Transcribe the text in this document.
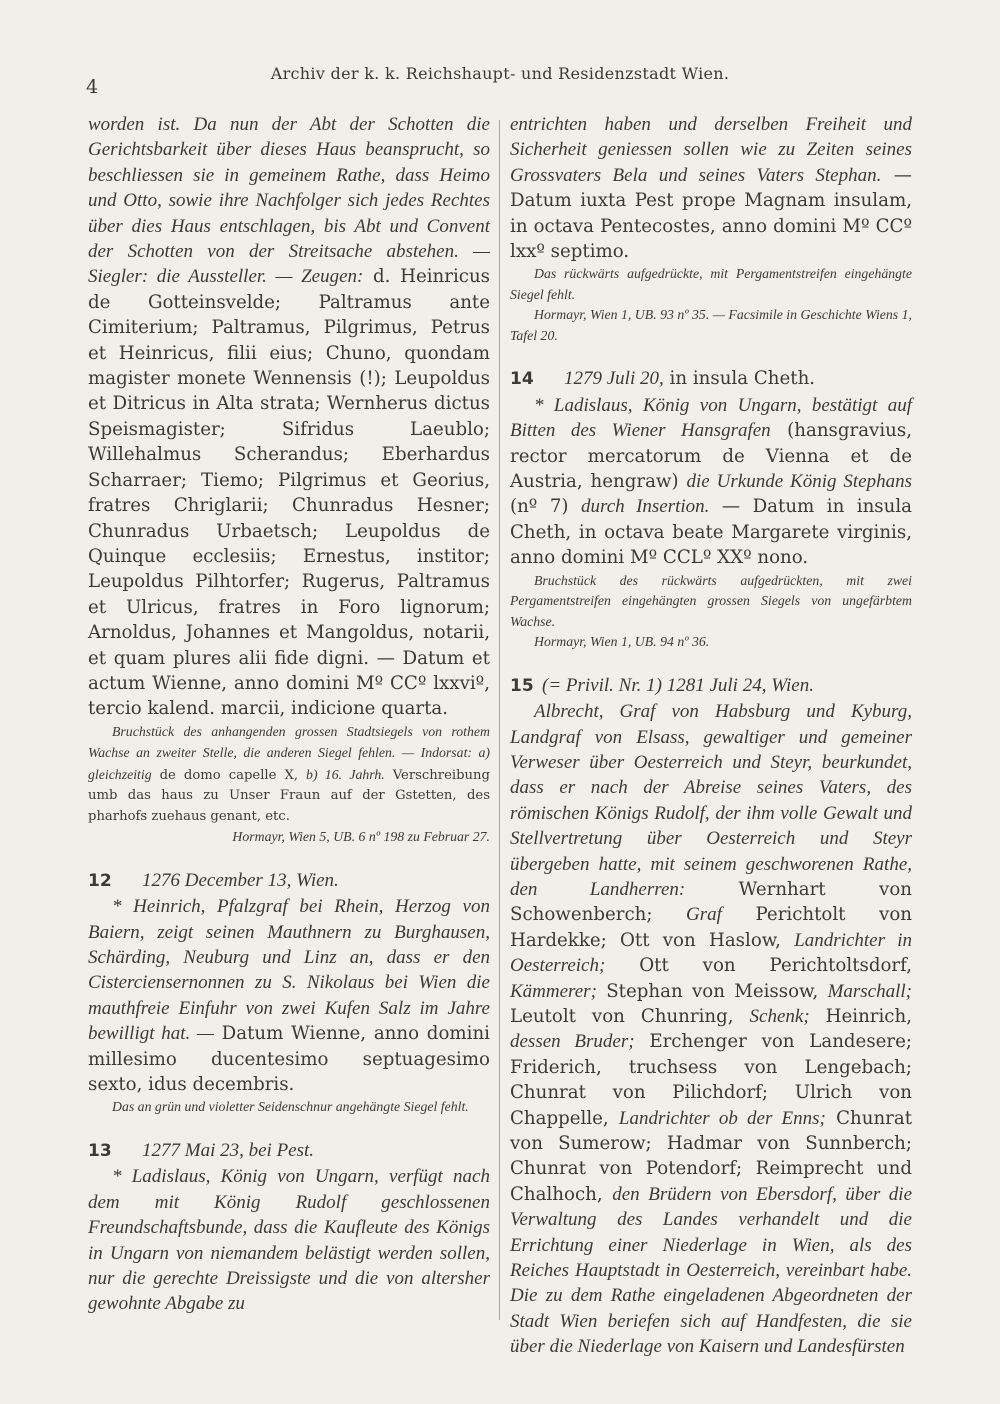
4
Archiv der k. k. Reichshaupt- und Residenzstadt Wien.

worden ist. Da nun der Abt der Schotten die Gerichtsbarkeit über dieses Haus beansprucht, so beschliessen sie in gemeinem Rathe, dass Heimo und Otto, sowie ihre Nachfolger sich jedes Rechtes über dies Haus entschlagen, bis Abt und Convent der Schotten von der Streitsache abstehen. — Siegler: die Aussteller. — Zeugen: d. Heinricus de Gotteinsvelde; Paltramus ante Cimiterium; Paltramus, Pilgrimus, Petrus et Heinricus, filii eius; Chuno, quondam magister monete Wennensis (!); Leupoldus et Ditricus in Alta strata; Wernherus dictus Speismagister; Sifridus Laeublo; Willehalmus Scherandus; Eberhardus Scharraer; Tiemo; Pilgrimus et Georius, fratres Chriglarii; Chunradus Hesner; Chunradus Urbaetsch; Leupoldus de Quinque ecclesiis; Ernestus, institor; Leupoldus Pilhtorfer; Rugerus, Paltramus et Ulricus, fratres in Foro lignorum; Arnoldus, Johannes et Mangoldus, notarii, et quam plures alii fide digni. — Datum et actum Wienne, anno domini Mº CCº lxxviº, tercio kalend. marcii, indicione quarta.

Bruchstück des anhangenden grossen Stadtsiegels von rothem Wachse an zweiter Stelle, die anderen Siegel fehlen. — Indorsat: a) gleichzeitig de domo capelle X, b) 16. Jahrh. Verschreibung umb das haus zu Unser Fraun auf der Gstetten, des pharhofs zuehaus genant, etc.

Hormayr, Wien 5, UB. 6 nº 198 zu Februar 27.

12 1276 December 13, Wien.

* Heinrich, Pfalzgraf bei Rhein, Herzog von Baiern, zeigt seinen Mauthnern zu Burghausen, Schärding, Neuburg und Linz an, dass er den Cisterciensernonnen zu S. Nikolaus bei Wien die mauthfreie Einfuhr von zwei Kufen Salz im Jahre bewilligt hat. — Datum Wienne, anno domini millesimo ducentesimo septuagesimo sexto, idus decembris.

Das an grün und violetter Seidenschnur angehängte Siegel fehlt.

13 1277 Mai 23, bei Pest.

* Ladislaus, König von Ungarn, verfügt nach dem mit König Rudolf geschlossenen Freundschaftsbunde, dass die Kaufleute des Königs in Ungarn von niemandem belästigt werden sollen, nur die gerechte Dreissigste und die von altersher gewohnte Abgabe zu

entrichten haben und derselben Freiheit und Sicherheit geniessen sollen wie zu Zeiten seines Grossvaters Bela und seines Vaters Stephan. — Datum iuxta Pest prope Magnam insulam, in octava Pentecostes, anno domini Mº CCº lxxº septimo.

Das rückwärts aufgedrückte, mit Pergamentstreifen eingehängte Siegel fehlt.

Hormayr, Wien 1, UB. 93 nº 35. — Facsimile in Geschichte Wiens 1, Tafel 20.

14 1279 Juli 20, in insula Cheth.

* Ladislaus, König von Ungarn, bestätigt auf Bitten des Wiener Hansgrafen (hansgravius, rector mercatorum de Vienna et de Austria, hengraw) die Urkunde König Stephans (nº 7) durch Insertion. — Datum in insula Cheth, in octava beate Margarete virginis, anno domini Mº CCLº XXº nono.

Bruchstück des rückwärts aufgedrückten, mit zwei Pergamentstreifen eingehängten grossen Siegels von ungefärbtem Wachse.

Hormayr, Wien 1, UB. 94 nº 36.

15 (= Privil. Nr. 1) 1281 Juli 24, Wien.

Albrecht, Graf von Habsburg und Kyburg, Landgraf von Elsass, gewaltiger und gemeiner Verweser über Oesterreich und Steyr, beurkundet, dass er nach der Abreise seines Vaters, des römischen Königs Rudolf, der ihm volle Gewalt und Stellvertretung über Oesterreich und Steyr übergeben hatte, mit seinem geschworenen Rathe, den Landherren: Wernhart von Schowenberch; Graf Perichtolt von Hardekke; Ott von Haslow, Landrichter in Oesterreich; Ott von Perichtoltsdorf, Kämmerer; Stephan von Meissow, Marschall; Leutolt von Chunring, Schenk; Heinrich, dessen Bruder; Erchenger von Landesere; Friderich, truchsess von Lengebach; Chunrat von Pilichdorf; Ulrich von Chappelle, Landrichter ob der Enns; Chunrat von Sumerow; Hadmar von Sunnberch; Chunrat von Potendorf; Reimprecht und Chalhoch, den Brüdern von Ebersdorf, über die Verwaltung des Landes verhandelt und die Errichtung einer Niederlage in Wien, als des Reiches Hauptstadt in Oesterreich, vereinbart habe. Die zu dem Rathe eingeladenen Abgeordneten der Stadt Wien beriefen sich auf Handfesten, die sie über die Niederlage von Kaisern und Landesfürsten
